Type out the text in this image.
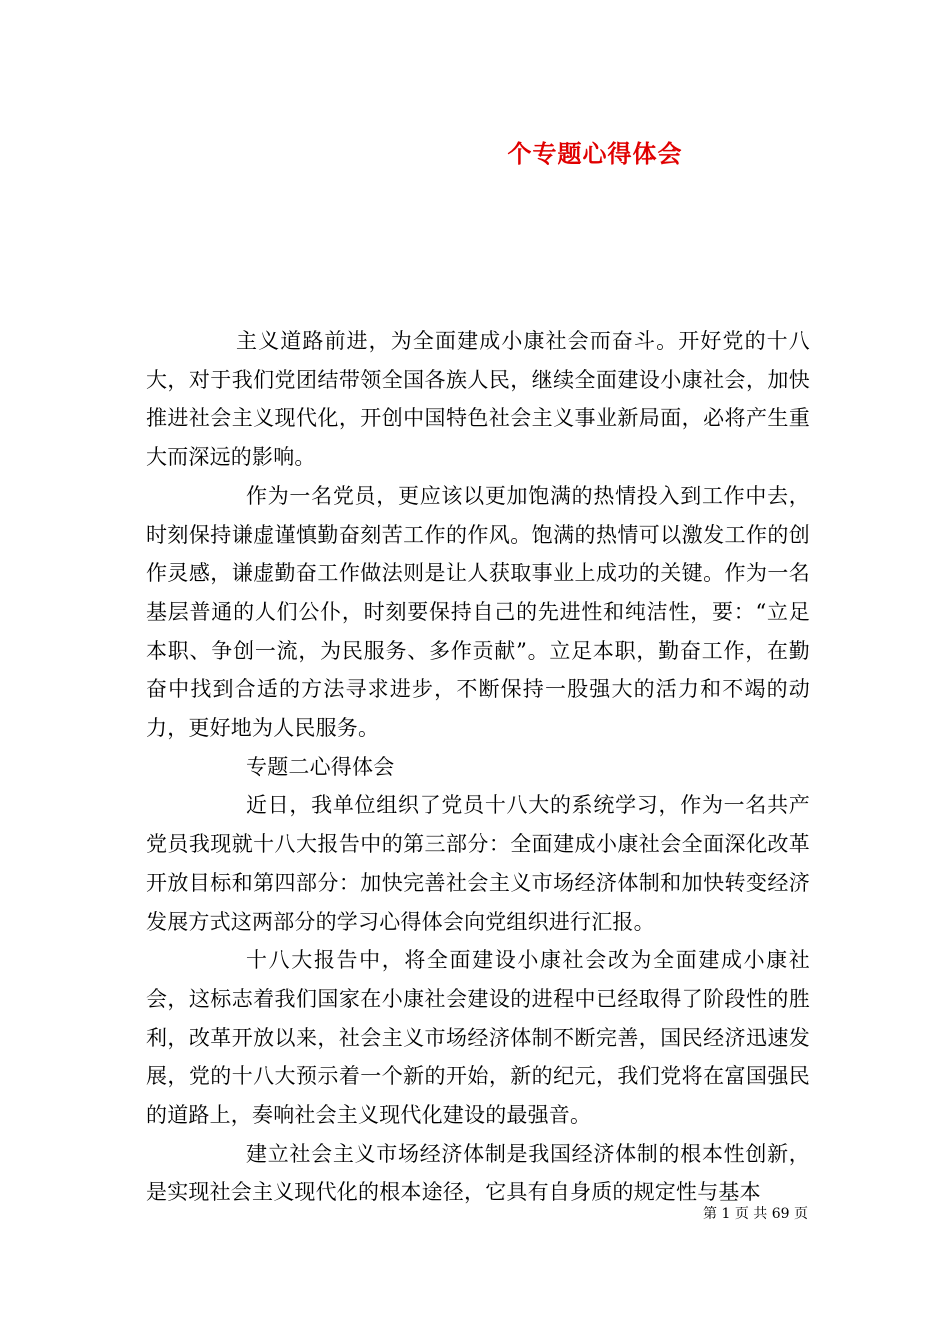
个专题心得体会

主义道路前进，为全面建成小康社会而奋斗。开好党的十八大，对于我们党团结带领全国各族人民，继续全面建设小康社会，加快推进社会主义现代化，开创中国特色社会主义事业新局面，必将产生重大而深远的影响。

作为一名党员，更应该以更加饱满的热情投入到工作中去，时刻保持谦虚谨慎勤奋刻苦工作的作风。饱满的热情可以激发工作的创作灵感，谦虚勤奋工作做法则是让人获取事业上成功的关键。作为一名基层普通的人们公仆，时刻要保持自己的先进性和纯洁性，要：“立足本职、争创一流，为民服务、多作贡献”。立足本职，勤奋工作，在勤奋中找到合适的方法寻求进步，不断保持一股强大的活力和不竭的动力，更好地为人民服务。

专题二心得体会

近日，我单位组织了党员十八大的系统学习，作为一名共产党员我现就十八大报告中的第三部分：全面建成小康社会全面深化改革开放目标和第四部分：加快完善社会主义市场经济体制和加快转变经济发展方式这两部分的学习心得体会向党组织进行汇报。

十八大报告中，将全面建设小康社会改为全面建成小康社会，这标志着我们国家在小康社会建设的进程中已经取得了阶段性的胜利，改革开放以来，社会主义市场经济体制不断完善，国民经济迅速发展，党的十八大预示着一个新的开始，新的纪元，我们党将在富国强民的道路上，奏响社会主义现代化建设的最强音。

建立社会主义市场经济体制是我国经济体制的根本性创新，是实现社会主义现代化的根本途径，它具有自身质的规定性与基本

第 1 页 共 69 页
